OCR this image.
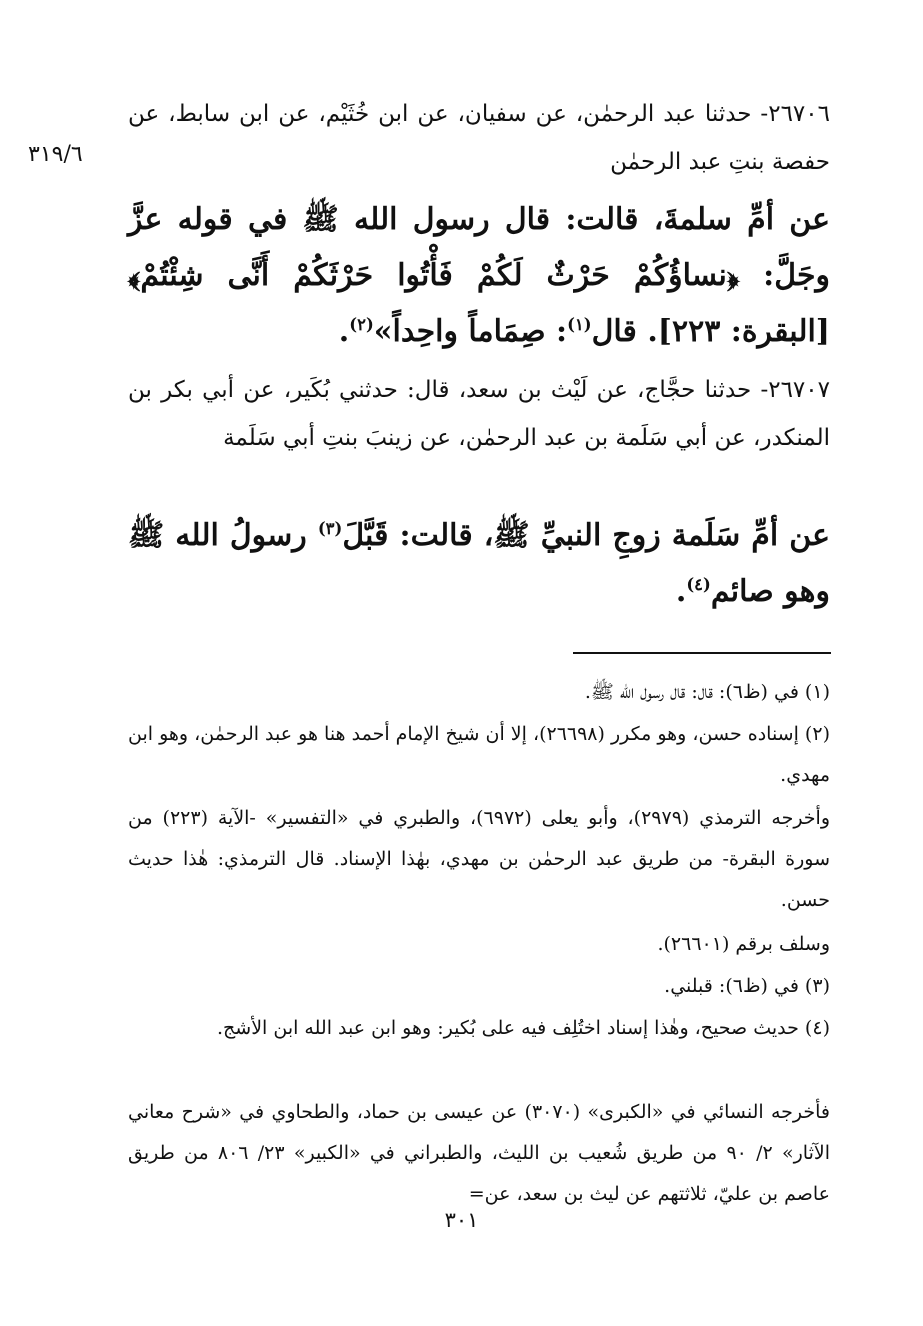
٣١٩/٦
٢٦٧٠٦- حدثنا عبد الرحمٰن، عن سفيان، عن ابن خُثَيْم، عن ابن سابط، عن حفصة بنتِ عبد الرحمٰن
عن أمِّ سلمةَ، قالت: قال رسول الله ﷺ في قوله عزَّ وجَلَّ: ﴿نساؤُكُمْ حَرْثٌ لَكُمْ فَأْتُوا حَرْثَكُمْ أَنَّى شِئْتُمْ﴾ [البقرة: ٢٢٣]. قال$^{(١)}$: صِمَاماً واحِداً»$^{(٢)}$.
٢٦٧٠٧- حدثنا حجَّاج، عن لَيْث بن سعد، قال: حدثني بُكَير، عن أبي بكر بن المنكدر، عن أبي سَلَمة بن عبد الرحمٰن، عن زينبَ بنتِ أبي سَلَمة
عن أمِّ سَلَمة زوجِ النبيِّ ﷺ، قالت: قَبَّلَ$^{(٣)}$ رسولُ الله ﷺ وهو صائم$^{(٤)}$.
(١) في (ظ٦): قال: قال رسول الله ﷺ.
(٢) إسناده حسن، وهو مكرر (٢٦٦٩٨)، إلا أن شيخ الإمام أحمد هنا هو عبد الرحمٰن، وهو ابن مهدي.
وأخرجه الترمذي (٢٩٧٩)، وأبو يعلى (٦٩٧٢)، والطبري في «التفسير» -الآية (٢٢٣) من سورة البقرة- من طريق عبد الرحمٰن بن مهدي، بهٰذا الإسناد. قال الترمذي: هٰذا حديث حسن.
وسلف برقم (٢٦٦٠١).
(٣) في (ظ٦): قبلني.
(٤) حديث صحيح، وهٰذا إسناد اختُلِف فيه على بُكير: وهو ابن عبد الله ابن الأشج.
فأخرجه النسائي في «الكبرى» (٣٠٧٠) عن عيسى بن حماد، والطحاوي في «شرح معاني الآثار» ٢/ ٩٠ من طريق شُعيب بن الليث، والطبراني في «الكبير» ٢٣/ ٨٠٦ من طريق عاصم بن عليّ، ثلاثتهم عن ليث بن سعد، عن=
٣٠١
